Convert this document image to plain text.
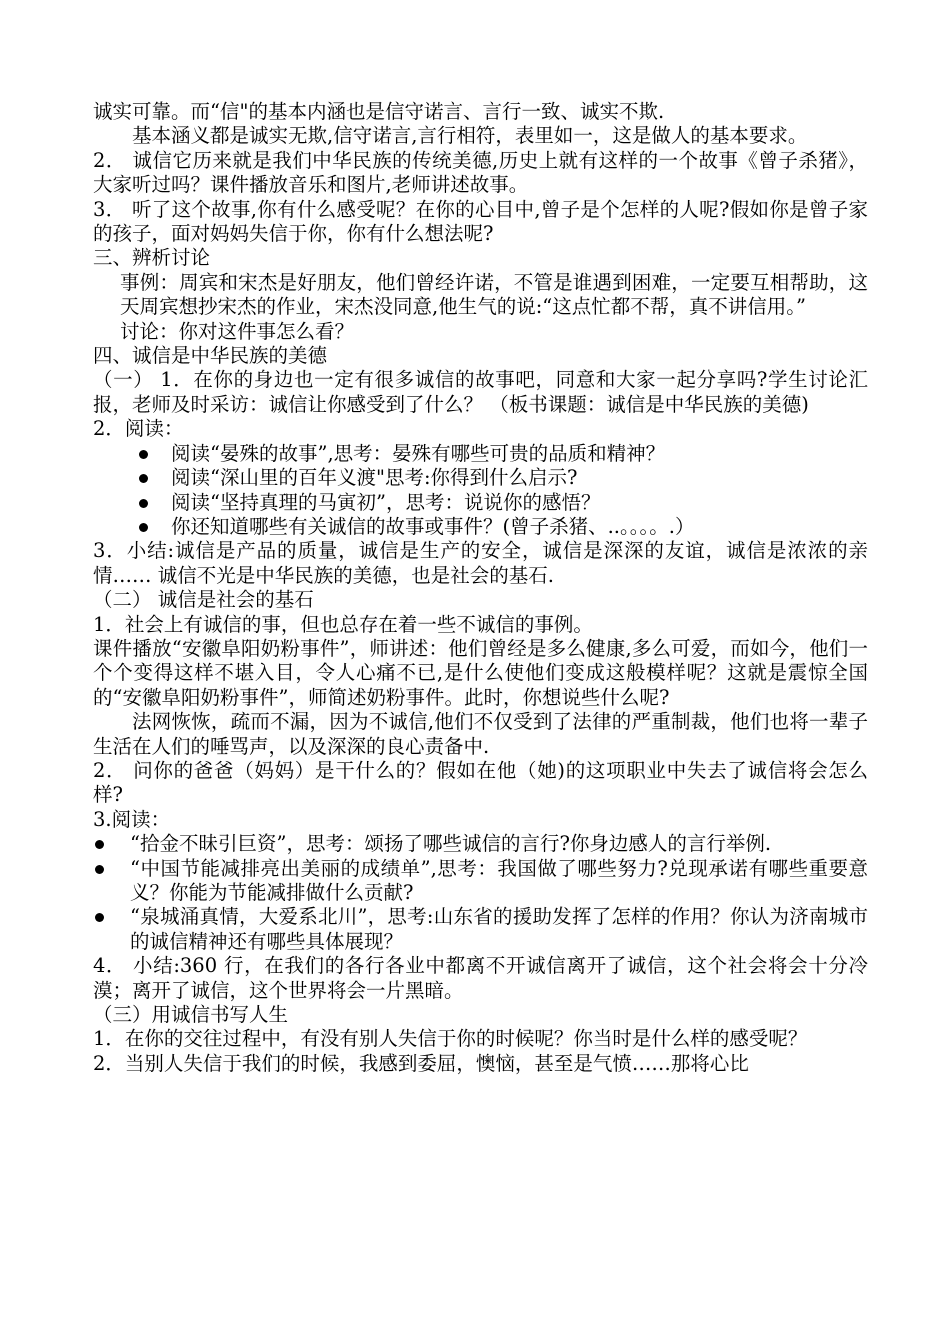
诚实可靠。而“信"的基本内涵也是信守诺言、言行一致、诚实不欺.

基本涵义都是诚实无欺,信守诺言,言行相符，表里如一，这是做人的基本要求。

2． 诚信它历来就是我们中华民族的传统美德,历史上就有这样的一个故事《曾子杀猪》，大家听过吗？课件播放音乐和图片,老师讲述故事。

3． 听了这个故事,你有什么感受呢？在你的心目中,曾子是个怎样的人呢?假如你是曾子家的孩子，面对妈妈失信于你，你有什么想法呢?

三、辨析讨论

事例：周宾和宋杰是好朋友，他们曾经许诺，不管是谁遇到困难，一定要互相帮助，这天周宾想抄宋杰的作业，宋杰没同意,他生气的说:“这点忙都不帮，真不讲信用。”

讨论：你对这件事怎么看？

四、诚信是中华民族的美德

（一） 1．在你的身边也一定有很多诚信的故事吧，同意和大家一起分享吗?学生讨论汇报，老师及时采访：诚信让你感受到了什么？ （板书课题：诚信是中华民族的美德)

2．阅读：

阅读“晏殊的故事”,思考：晏殊有哪些可贵的品质和精神？
阅读“深山里的百年义渡"思考:你得到什么启示?
阅读“坚持真理的马寅初”，思考：说说你的感悟？
你还知道哪些有关诚信的故事或事件？(曾子杀猪、..。。。。.）

3．小结:诚信是产品的质量，诚信是生产的安全，诚信是深深的友谊，诚信是浓浓的亲情…… 诚信不光是中华民族的美德，也是社会的基石.

（二） 诚信是社会的基石

1．社会上有诚信的事，但也总存在着一些不诚信的事例。

课件播放“安徽阜阳奶粉事件”，师讲述：他们曾经是多么健康,多么可爱，而如今，他们一个个变得这样不堪入目，令人心痛不已,是什么使他们变成这般模样呢？这就是震惊全国的“安徽阜阳奶粉事件”，师简述奶粉事件。此时，你想说些什么呢?

法网恢恢，疏而不漏，因为不诚信,他们不仅受到了法律的严重制裁，他们也将一辈子生活在人们的唾骂声，以及深深的良心责备中.

2． 问你的爸爸（妈妈）是干什么的？假如在他（她)的这项职业中失去了诚信将会怎么样?

3.阅读：

“拾金不昧引巨资”，思考：颂扬了哪些诚信的言行?你身边感人的言行举例.
“中国节能减排亮出美丽的成绩单”,思考：我国做了哪些努力?兑现承诺有哪些重要意义？你能为节能减排做什么贡献?
“泉城涌真情，大爱系北川”，思考:山东省的援助发挥了怎样的作用？你认为济南城市的诚信精神还有哪些具体展现？

4． 小结:360 行，在我们的各行各业中都离不开诚信离开了诚信，这个社会将会十分冷漠；离开了诚信，这个世界将会一片黑暗。

（三）用诚信书写人生

1．在你的交往过程中，有没有别人失信于你的时候呢？你当时是什么样的感受呢？

2．当别人失信于我们的时候，我感到委屈，懊恼，甚至是气愤……那将心比
